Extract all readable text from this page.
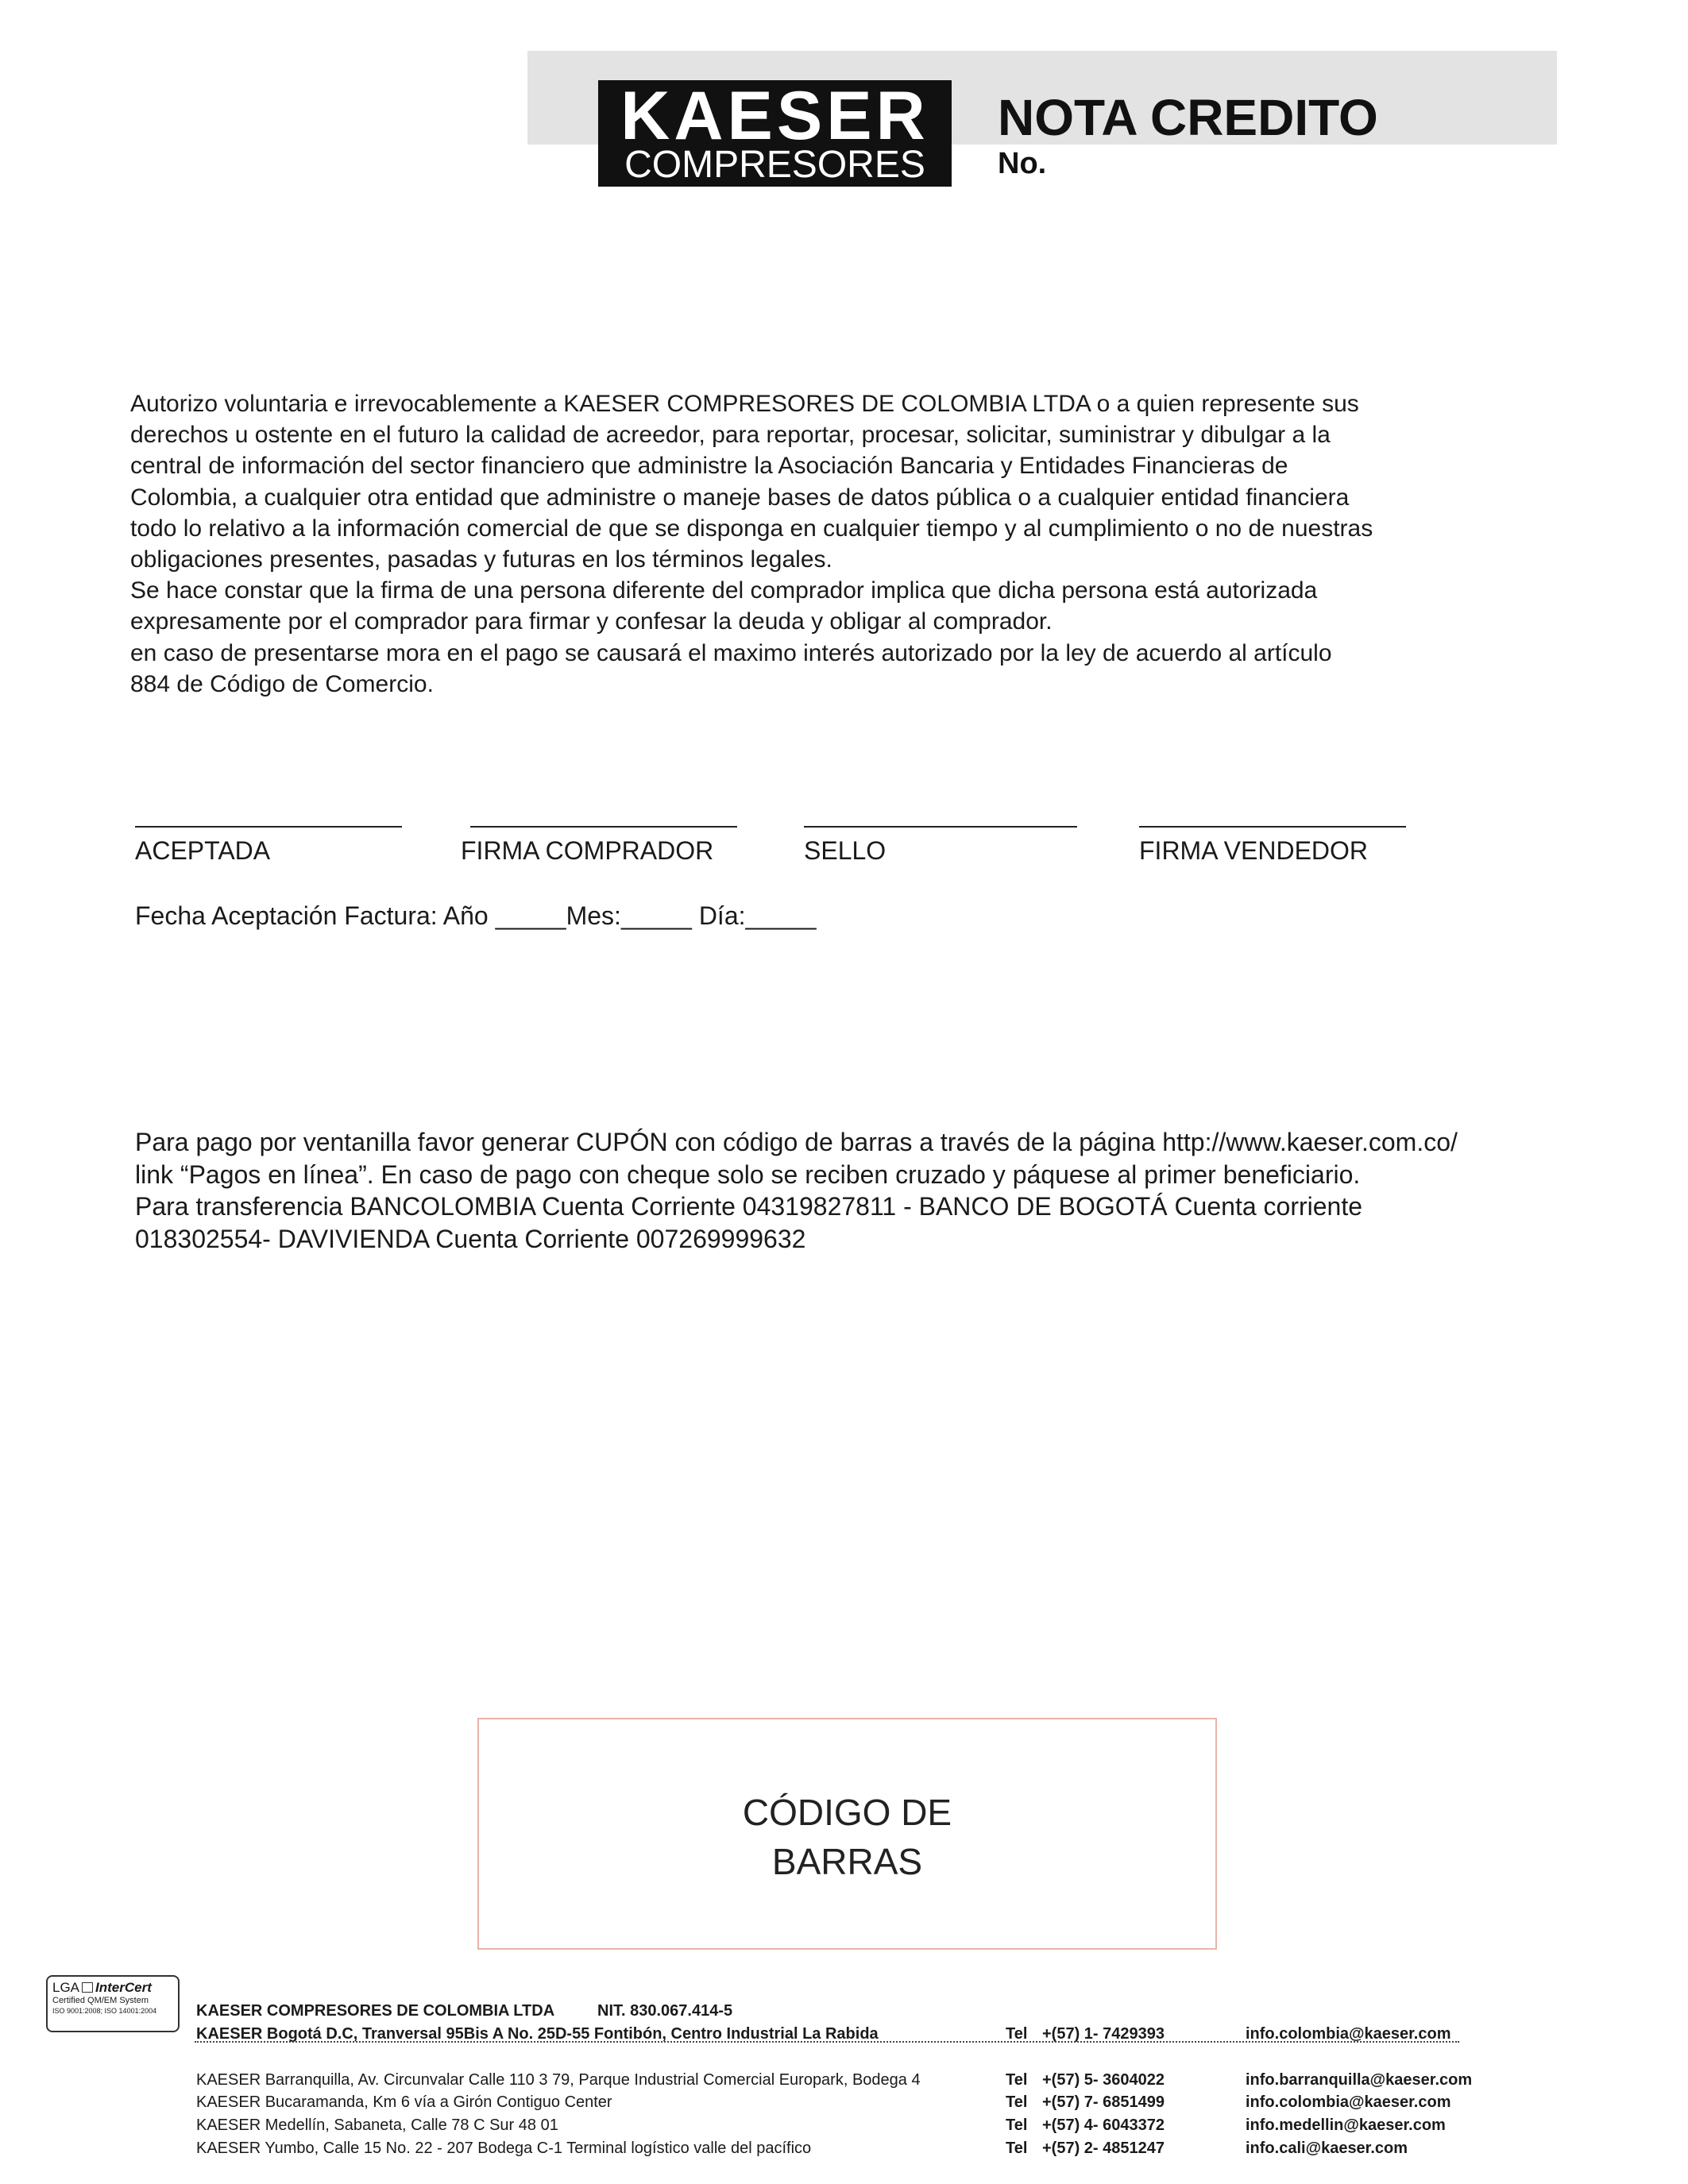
KAESER
COMPRESORES
NOTA CREDITO
No.
Autorizo voluntaria e irrevocablemente a KAESER COMPRESORES DE COLOMBIA LTDA o a quien represente sus
derechos u ostente en el futuro la calidad de acreedor, para reportar, procesar, solicitar, suministrar y dibulgar a la
central de información del sector financiero que administre la Asociación Bancaria y Entidades Financieras de
Colombia, a cualquier otra entidad que administre o maneje bases de datos pública o a cualquier entidad financiera
todo lo relativo a la información comercial de que se disponga en cualquier tiempo y al cumplimiento o no de nuestras
obligaciones presentes, pasadas y futuras en los términos legales.
Se hace constar que la firma de una persona diferente del comprador implica que dicha persona está autorizada
expresamente por el comprador para firmar y confesar la deuda y obligar al comprador.
en caso de presentarse mora en el pago se causará el maximo interés autorizado por la ley de acuerdo al artículo
884 de Código de Comercio.
ACEPTADA	FIRMA COMPRADOR	SELLO	FIRMA VENDEDOR
Fecha Aceptación Factura: Año _____Mes:_____ Día:_____
Para pago por ventanilla favor generar CUPÓN con código de barras a través de la página http://www.kaeser.com.co/
link “Pagos en línea”. En caso de pago con cheque solo se reciben cruzado y páquese al primer beneficiario.
Para transferencia BANCOLOMBIA Cuenta Corriente 04319827811 - BANCO DE BOGOTÁ Cuenta corriente
018302554- DAVIVIENDA Cuenta Corriente 007269999632
CÓDIGO DE
BARRAS
LGA InterCert
Certified QM/EM System
ISO 9001:2008; ISO 14001:2004	KAESER COMPRESORES DE COLOMBIA LTDA	NIT. 830.067.414-5
KAESER Bogotá D.C, Tranversal 95Bis A No. 25D-55 Fontibón, Centro Industrial La Rabida	Tel +(57) 1- 7429393	info.colombia@kaeser.com
KAESER Barranquilla, Av. Circunvalar Calle 110 3 79, Parque Industrial Comercial Europark, Bodega 4	Tel +(57) 5- 3604022	info.barranquilla@kaeser.com
KAESER Bucaramanda, Km 6 vía a Girón Contiguo Center	Tel +(57) 7- 6851499	info.colombia@kaeser.com
KAESER Medellín, Sabaneta, Calle 78 C Sur 48 01	Tel +(57) 4- 6043372	info.medellin@kaeser.com
KAESER Yumbo, Calle 15 No. 22 - 207 Bodega C-1 Terminal logístico valle del pacífico	Tel +(57) 2- 4851247	info.cali@kaeser.com
